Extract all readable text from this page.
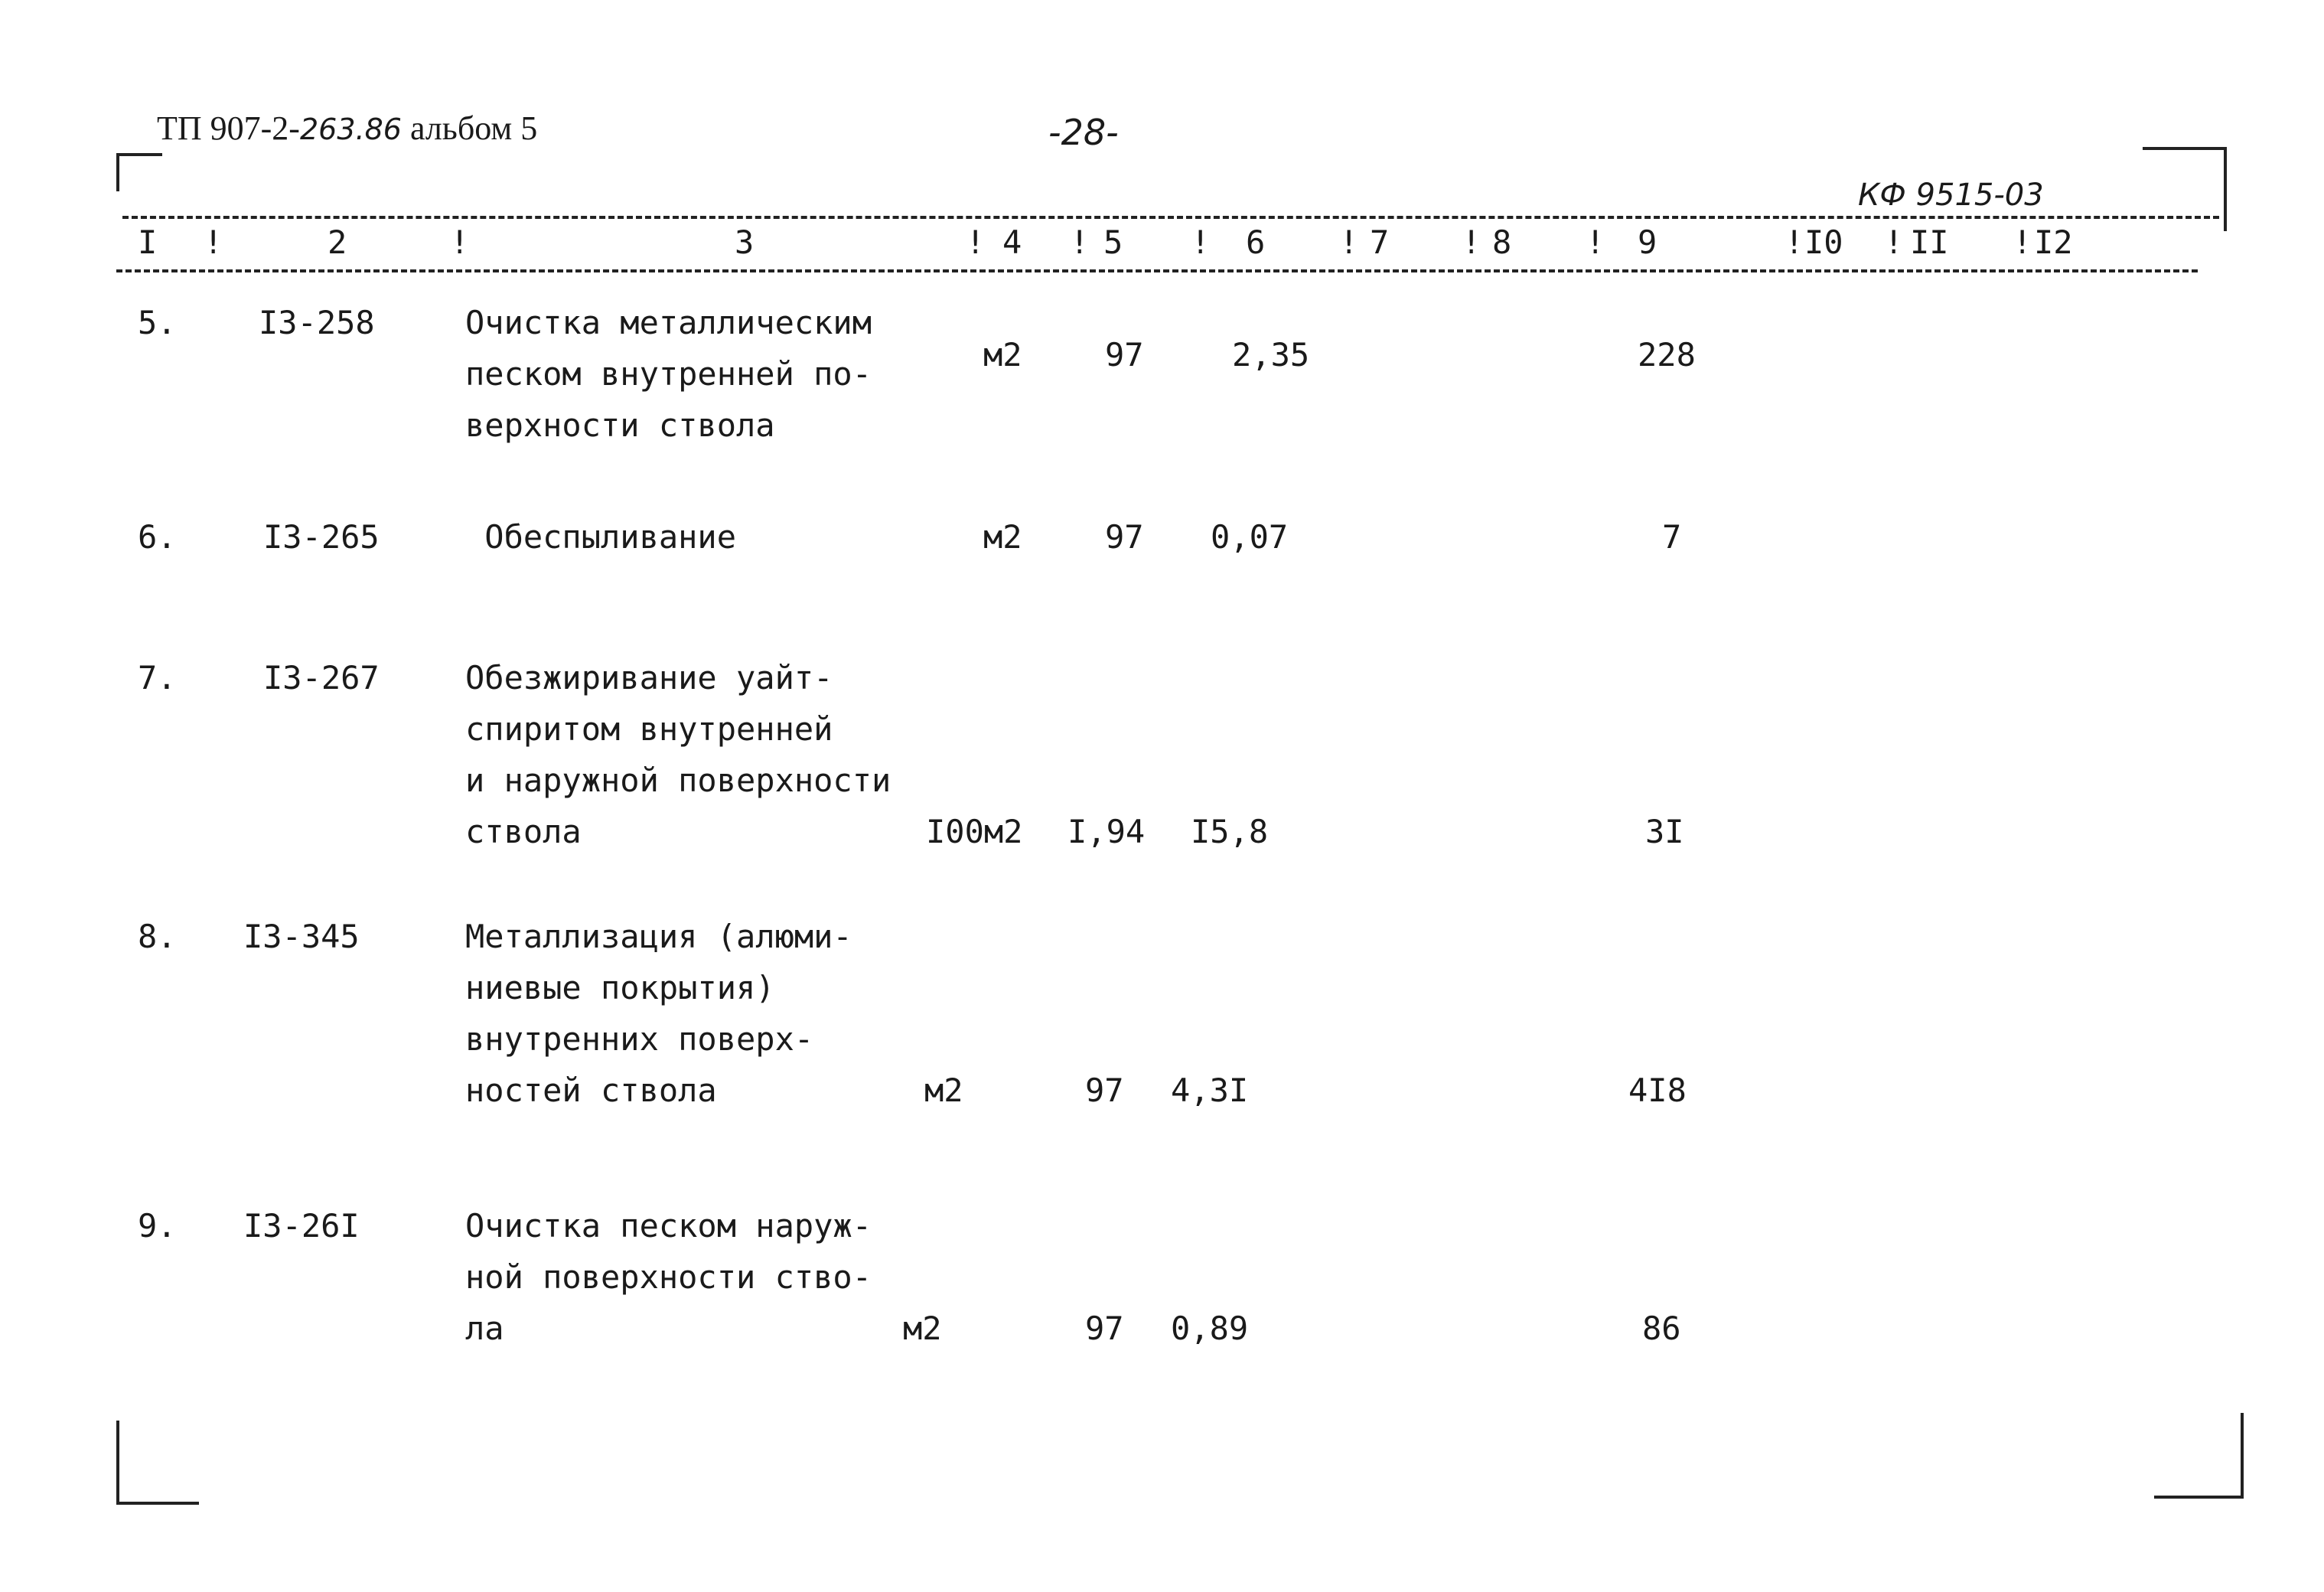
ТП 907-2-263.86 альбом 5	-28-
КФ 9515-03
I !	2	!	3	! 4 ! 5 ! 6 ! 7 ! 8 ! 9	! I0 ! II ! I2
5.	I3-258	Очистка металлическим
песком внутренней по-
верхности ствола
м2	97	2,35	228
6.	I3-265	Обеспыливание	м2	97 0,07	7
7.	I3-267	Обезжиривание уайт-
спиритом внутренней
и наружной поверхности
ствола	I00м2 I,94 I5,8	3I
8. I3-345	Металлизация (алюми-
ниевые покрытия)
внутренних поверх-
ностей ствола	м2	97 4,3I	4I8
9. I3-26I	Очистка песком наруж-
ной поверхности ство-
ла	м2	97 0,89	86
